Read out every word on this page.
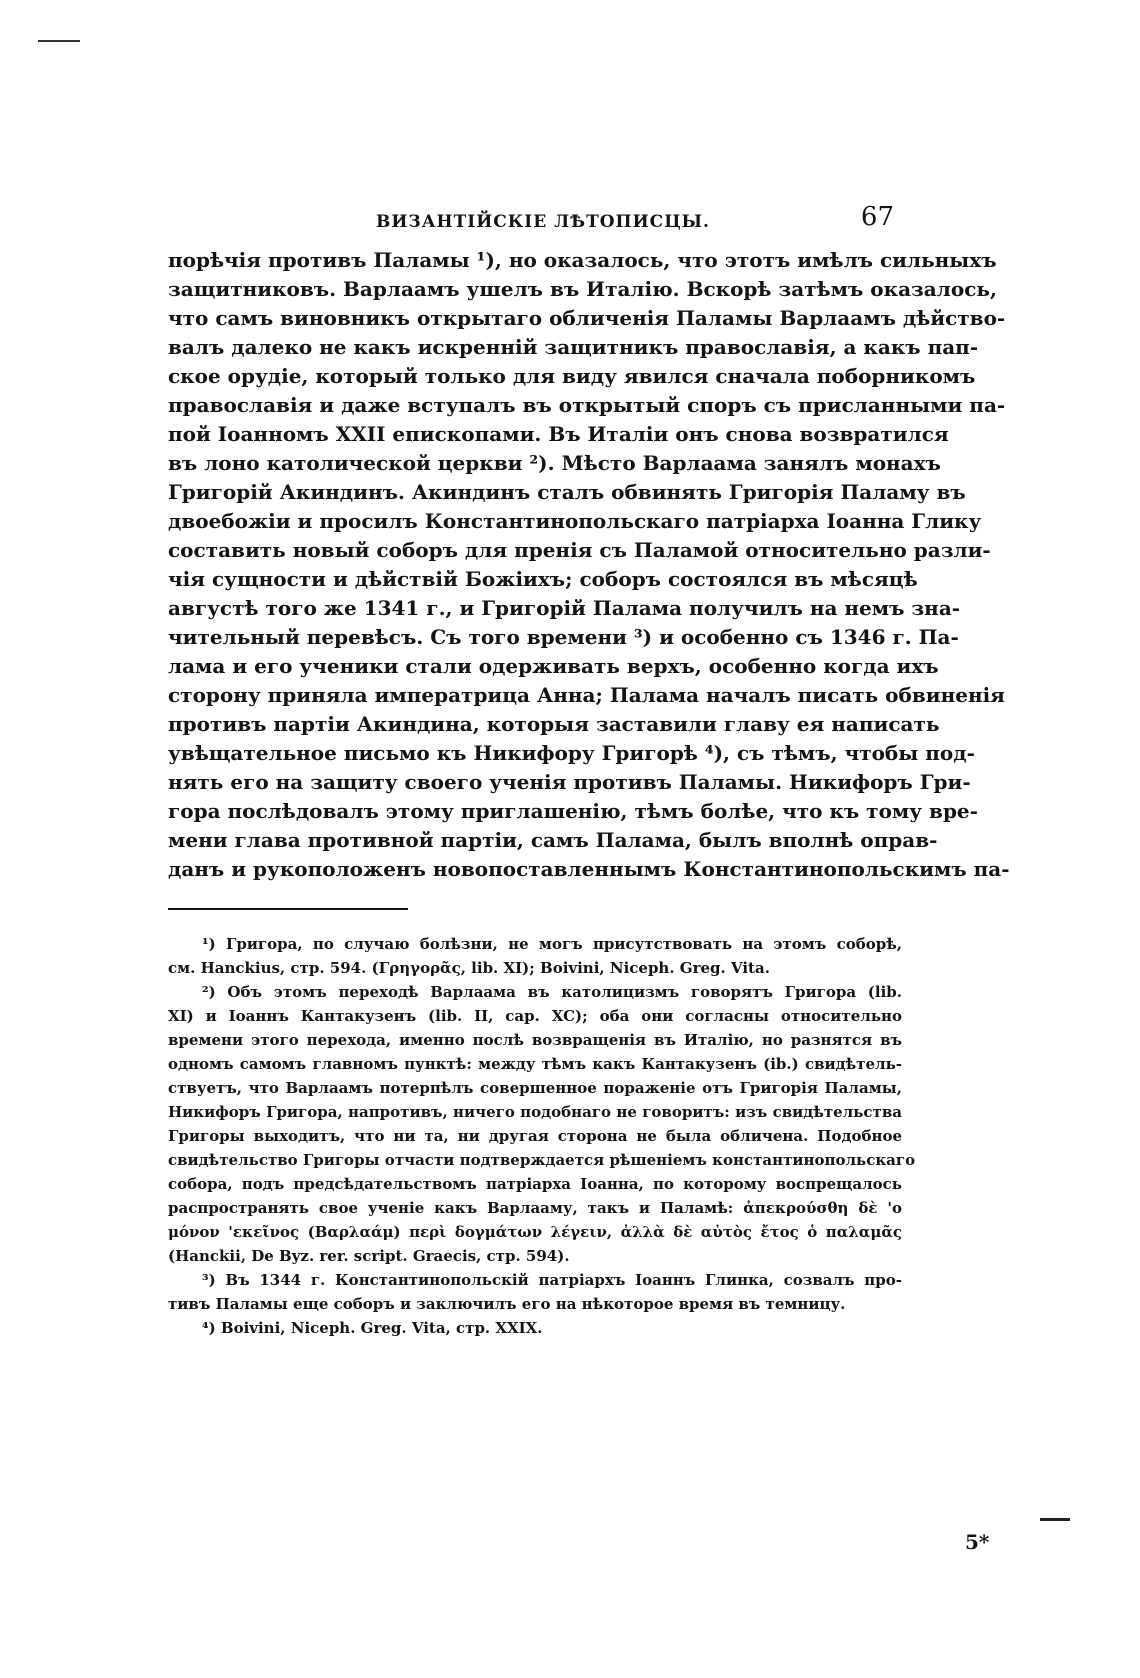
ВИЗАНТІЙСКІЕ ЛѢТОПИСЦЫ.	67
порѣчія противъ Паламы ¹), но оказалось, что этотъ имѣлъ сильныхъ
защитниковъ. Варлаамъ ушелъ въ Италію. Вскорѣ затѣмъ оказалось,
что самъ виновникъ открытаго обличенія Паламы Варлаамъ дѣйство-
валъ далеко не какъ искренній защитникъ православія, а какъ пап-
ское орудіе, который только для виду явился сначала поборникомъ
православія и даже вступалъ въ открытый споръ съ присланными па-
пой Іоанномъ XXII епископами. Въ Италіи онъ снова возвратился
въ лоно католической церкви ²). Мѣсто Варлаама занялъ монахъ
Григорій Акиндинъ. Акиндинъ сталъ обвинять Григорія Паламу въ
двоебожіи и просилъ Константинопольскаго патріарха Іоанна Глику
составить новый соборъ для пренія съ Паламой относительно разли-
чія сущности и дѣйствій Божіихъ; соборъ состоялся въ мѣсяцѣ
августѣ того же 1341 г., и Григорій Палама получилъ на немъ зна-
чительный перевѣсъ. Съ того времени ³) и особенно съ 1346 г. Па-
лама и его ученики стали одерживать верхъ, особенно когда ихъ
сторону приняла императрица Анна; Палама началъ писать обвиненія
противъ партіи Акиндина, которыя заставили главу ея написать
увѣщательное письмо къ Никифору Григорѣ ⁴), съ тѣмъ, чтобы под-
нять его на защиту своего ученія противъ Паламы. Никифоръ Гри-
гора послѣдовалъ этому приглашенію, тѣмъ болѣе, что къ тому вре-
мени глава противной партіи, самъ Палама, былъ вполнѣ оправ-
данъ и рукоположенъ новопоставленнымъ Константинопольскимъ па-
¹) Григора, по случаю болѣзни, не могъ присутствовать на этомъ соборѣ,
см. Hanckius, стр. 594. (Γρηγορᾶς, lib. XI); Boivini, Niceph. Greg. Vita.
²) Объ этомъ переходѣ Варлаама въ католицизмъ говорятъ Григора (lib.
XI) и Іоаннъ Кантакузенъ (lib. II, cap. XC); оба они согласны относительно
времени этого перехода, именно послѣ возвращенія въ Италію, но разнятся въ
одномъ самомъ главномъ пунктѣ: между тѣмъ какъ Кантакузенъ (ib.) свидѣтель-
ствуетъ, что Варлаамъ потерпѣлъ совершенное пораженіе отъ Григорія Паламы,
Никифоръ Григора, напротивъ, ничего подобнаго не говоритъ: изъ свидѣтельства
Григоры выходитъ, что ни та, ни другая сторона не была обличена. Подобное
свидѣтельство Григоры отчасти подтверждается рѣшеніемъ константинопольскаго
собора, подъ предсѣдательствомъ патріарха Іоанна, по которому воспрещалось
распространять свое ученіе какъ Варлааму, такъ и Паламѣ: ἀπεκρούσθη δὲ 'ο
μόνον 'εκεῖνος (Βαρλαάμ) περὶ δογμάτων λέγειν, ἀλλὰ δὲ αὐτὸς ἔτος ὁ παλαμᾶς
(Hanckii, De Byz. rer. script. Graecis, стр. 594).
³) Въ 1344 г. Константинопольскій патріархъ Іоаннъ Глинка, созвалъ про-
тивъ Паламы еще соборъ и заключилъ его на нѣкоторое время въ темницу.
⁴) Boivini, Niceph. Greg. Vita, стр. XXIX.
5*
